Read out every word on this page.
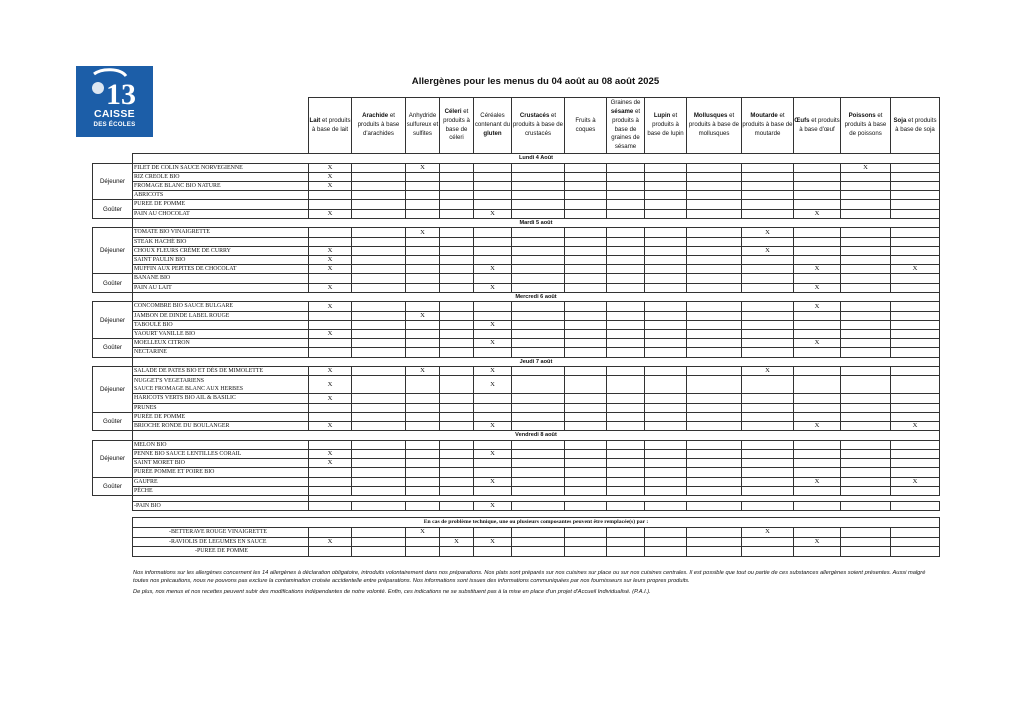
13
CAISSE
DES ÉCOLES
Allergènes pour les menus du 04 août au 08 août 2025
		Lait et produits à base de lait	Arachide et produits à base d'arachides	Anhydride sulfureux et sulfites	Céleri et produits à base de céleri	Céréales contenant du gluten	Crustacés et produits à base de crustacés	Fruits à coques	Graines de sésame et produits à base de graines de sésame	Lupin et produits à base de lupin	Mollusques et produits à base de mollusques	Moutarde et produits à base de moutarde	Œufs et produits à base d'œuf	Poissons et produits à base de poissons	Soja et produits à base de soja
	Lundi 4 Août														
Déjeuner	FILET DE COLIN SAUCE NORVEGIENNE	X		X										X	
	RIZ CREOLE BIO	X													
	FROMAGE BLANC BIO NATURE	X													
	ABRICOTS														
Goûter	PUREE DE POMME														
	PAIN AU CHOCOLAT	X				X							X		
	Mardi 5 août														
Déjeuner	TOMATE BIO VINAIGRETTE			X								X			
	STEAK HACHÉ BIO														
	CHOUX FLEURS CRÈME DE CURRY	X										X			
	SAINT PAULIN BIO	X													
	MUFFIN AUX PEPITES DE CHOCOLAT	X				X							X		X
Goûter	BANANE BIO														
	PAIN AU LAIT	X				X							X		
	Mercredi 6 août														
Déjeuner	CONCOMBRE BIO SAUCE BULGARE	X											X		
	JAMBON DE DINDE LABEL ROUGE			X											
	TABOULÉ BIO					X									
	YAOURT VANILLE BIO	X													
Goûter	MOELLEUX CITRON					X							X		
	NECTARINE														
	Jeudi 7 août														
Déjeuner	SALADE DE PATES BIO ET DÉS DE MIMOLETTE	X		X		X						X			
	NUGGET'S VEGETARIENS
SAUCE FROMAGE BLANC AUX HERBES	X				X									
	HARICOTS VERTS BIO AIL & BASILIC	X													
	PRUNES														
Goûter	PURÉE DE POMME														
	BRIOCHE RONDE DU BOULANGER	X				X							X		X
	Vendredi 8 août														
Déjeuner	MELON BIO														
	PENNE BIO SAUCE LENTILLES CORAIL	X				X									
	SAINT MORET BIO	X													
	PURÉE POMME ET POIRE BIO														
Goûter	GAUFRE					X							X		X
	PÊCHE														

	-PAIN BIO					X									
En cas de problème technique, une ou plusieurs composantes peuvent être remplacée(s) par :														
-BETTERAVE ROUGE VINAIGRETTE			X								X			
-RAVIOLIS DE LEGUMES EN SAUCE	X			X	X							X		
-PUREE DE POMME														

Nos informations sur les allergènes concernent les 14 allergènes à déclaration obligatoire, introduits volontairement dans nos préparations. Nos plats sont préparés sur nos cuisines sur place ou sur nos cuisines centrales. Il est possible que tout ou partie de ces substances allergènes soient présentes. Aussi malgré toutes nos précautions, nous ne pouvons pas exclure la contamination croisée accidentelle entre préparations. Nos informations sont issues des informations communiquées par nos fournisseurs sur leurs propres produits.

De plus, nos menus et nos recettes peuvent subir des modifications indépendantes de notre volonté. Enfin, ces indications ne se substituent pas à la mise en place d'un projet d'Accueil Individualisé. (P.A.I.).
